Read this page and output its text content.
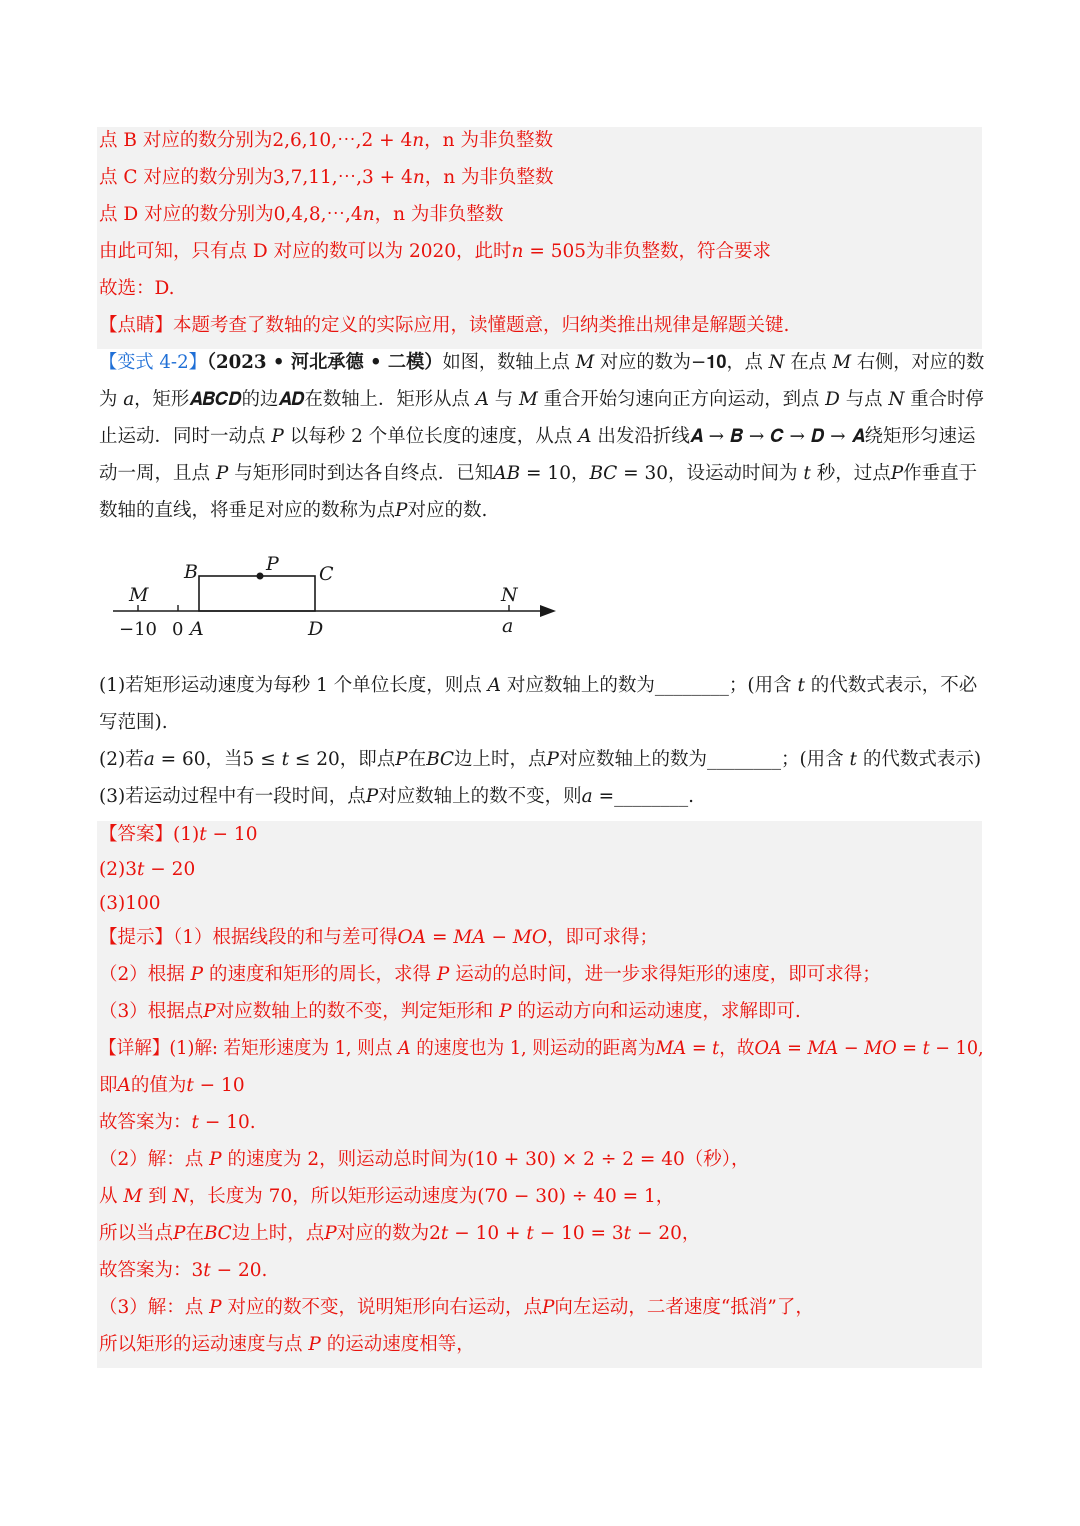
点 B 对应的数分别为2,6,10,⋯,2 + 4𝑛，n 为非负整数
点 C 对应的数分别为3,7,11,⋯,3 + 4𝑛，n 为非负整数
点 D 对应的数分别为0,4,8,⋯,4𝑛，n 为非负整数
由此可知，只有点 D 对应的数可以为 2020，此时𝑛 = 505为非负整数，符合要求
故选：D.
【点睛】本题考查了数轴的定义的实际应用，读懂题意，归纳类推出规律是解题关键.
【变式 4-2】（2023 • 河北承德 • 二模）如图，数轴上点 𝑀 对应的数为−𝟏𝟎，点 𝑁 在点 𝑀 右侧，对应的数
为 𝑎，矩形𝑨𝑩𝑪𝑫的边𝑨𝑫在数轴上．矩形从点 𝐴 与 𝑀 重合开始匀速向正方向运动，到点 𝐷 与点 𝑁 重合时停
止运动．同时一动点 𝑃 以每秒 2 个单位长度的速度，从点 𝐴 出发沿折线𝑨 → 𝑩 → 𝑪 → 𝑫 → 𝑨绕矩形匀速运
动一周，且点 𝑃 与矩形同时到达各自终点．已知𝐴𝐵 = 10，𝐵𝐶 = 30，设运动时间为 𝑡 秒，过点𝑃作垂直于
数轴的直线，将垂足对应的数称为点𝑃对应的数.
M
B	P C
N
−10 0 A	D	a
(1)若矩形运动速度为每秒 1 个单位长度，则点 𝐴 对应数轴上的数为________；(用含 𝑡 的代数式表示，不必
写范围).
(2)若𝑎 = 60，当5 ≤ 𝑡 ≤ 20，即点𝑃在𝐵𝐶边上时，点𝑃对应数轴上的数为________；(用含 𝑡 的代数式表示)
(3)若运动过程中有一段时间，点𝑃对应数轴上的数不变，则𝑎 =________.
【答案】(1)𝑡 − 10
(2)3𝑡 − 20
(3)100
【提示】（1）根据线段的和与差可得𝑂𝐴 = 𝑀𝐴 − 𝑀𝑂，即可求得；
（2）根据 𝑃 的速度和矩形的周长，求得 𝑃 运动的总时间，进一步求得矩形的速度，即可求得；
（3）根据点𝑃对应数轴上的数不变，判定矩形和 𝑃 的运动方向和运动速度，求解即可.
【详解】(1)解: 若矩形速度为 1, 则点 𝐴 的速度也为 1, 则运动的距离为𝑀𝐴 = 𝑡，故𝑂𝐴 = 𝑀𝐴 − 𝑀𝑂 = 𝑡 − 10,
即𝐴的值为𝑡 − 10
故答案为：𝑡 − 10.
（2）解：点 𝑃 的速度为 2，则运动总时间为(10 + 30) × 2 ÷ 2 = 40（秒），
从 𝑀 到 𝑁，长度为 70，所以矩形运动速度为(70 − 30) ÷ 40 = 1，
所以当点𝑃在𝐵𝐶边上时，点𝑃对应的数为2𝑡 − 10 + 𝑡 − 10 = 3𝑡 − 20，
故答案为：3𝑡 − 20.
（3）解：点 𝑃 对应的数不变，说明矩形向右运动，点𝑃向左运动，二者速度“抵消”了，
所以矩形的运动速度与点 𝑃 的运动速度相等，
